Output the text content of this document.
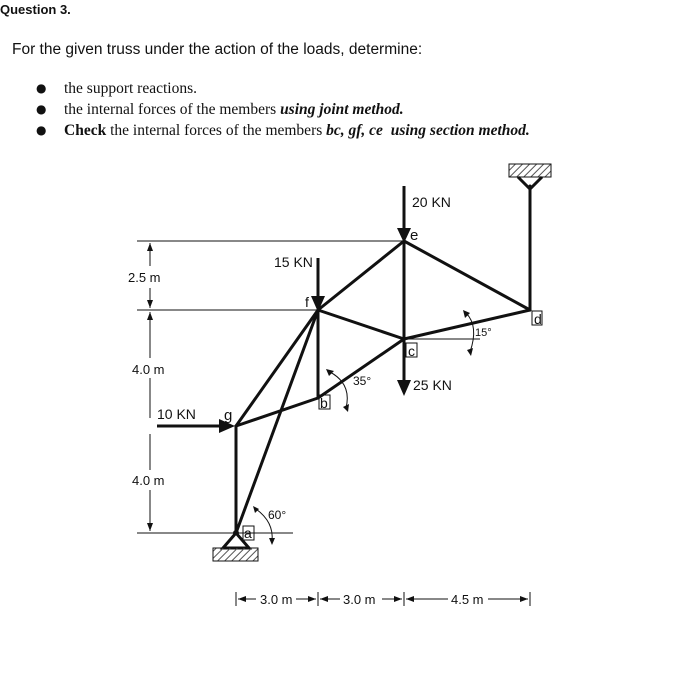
Question 3.
For the given truss under the action of the loads, determine:
● the support reactions.
● the internal forces of the members using joint method.
● Check the internal forces of the members bc, gf, ce using section method.
20 KN
15 KN
25 KN
10 KN
e
f
c
d
b
g
a
35°
15°
60°
2.5 m
4.0 m
4.0 m
3.0 m	3.0 m	4.5 m
